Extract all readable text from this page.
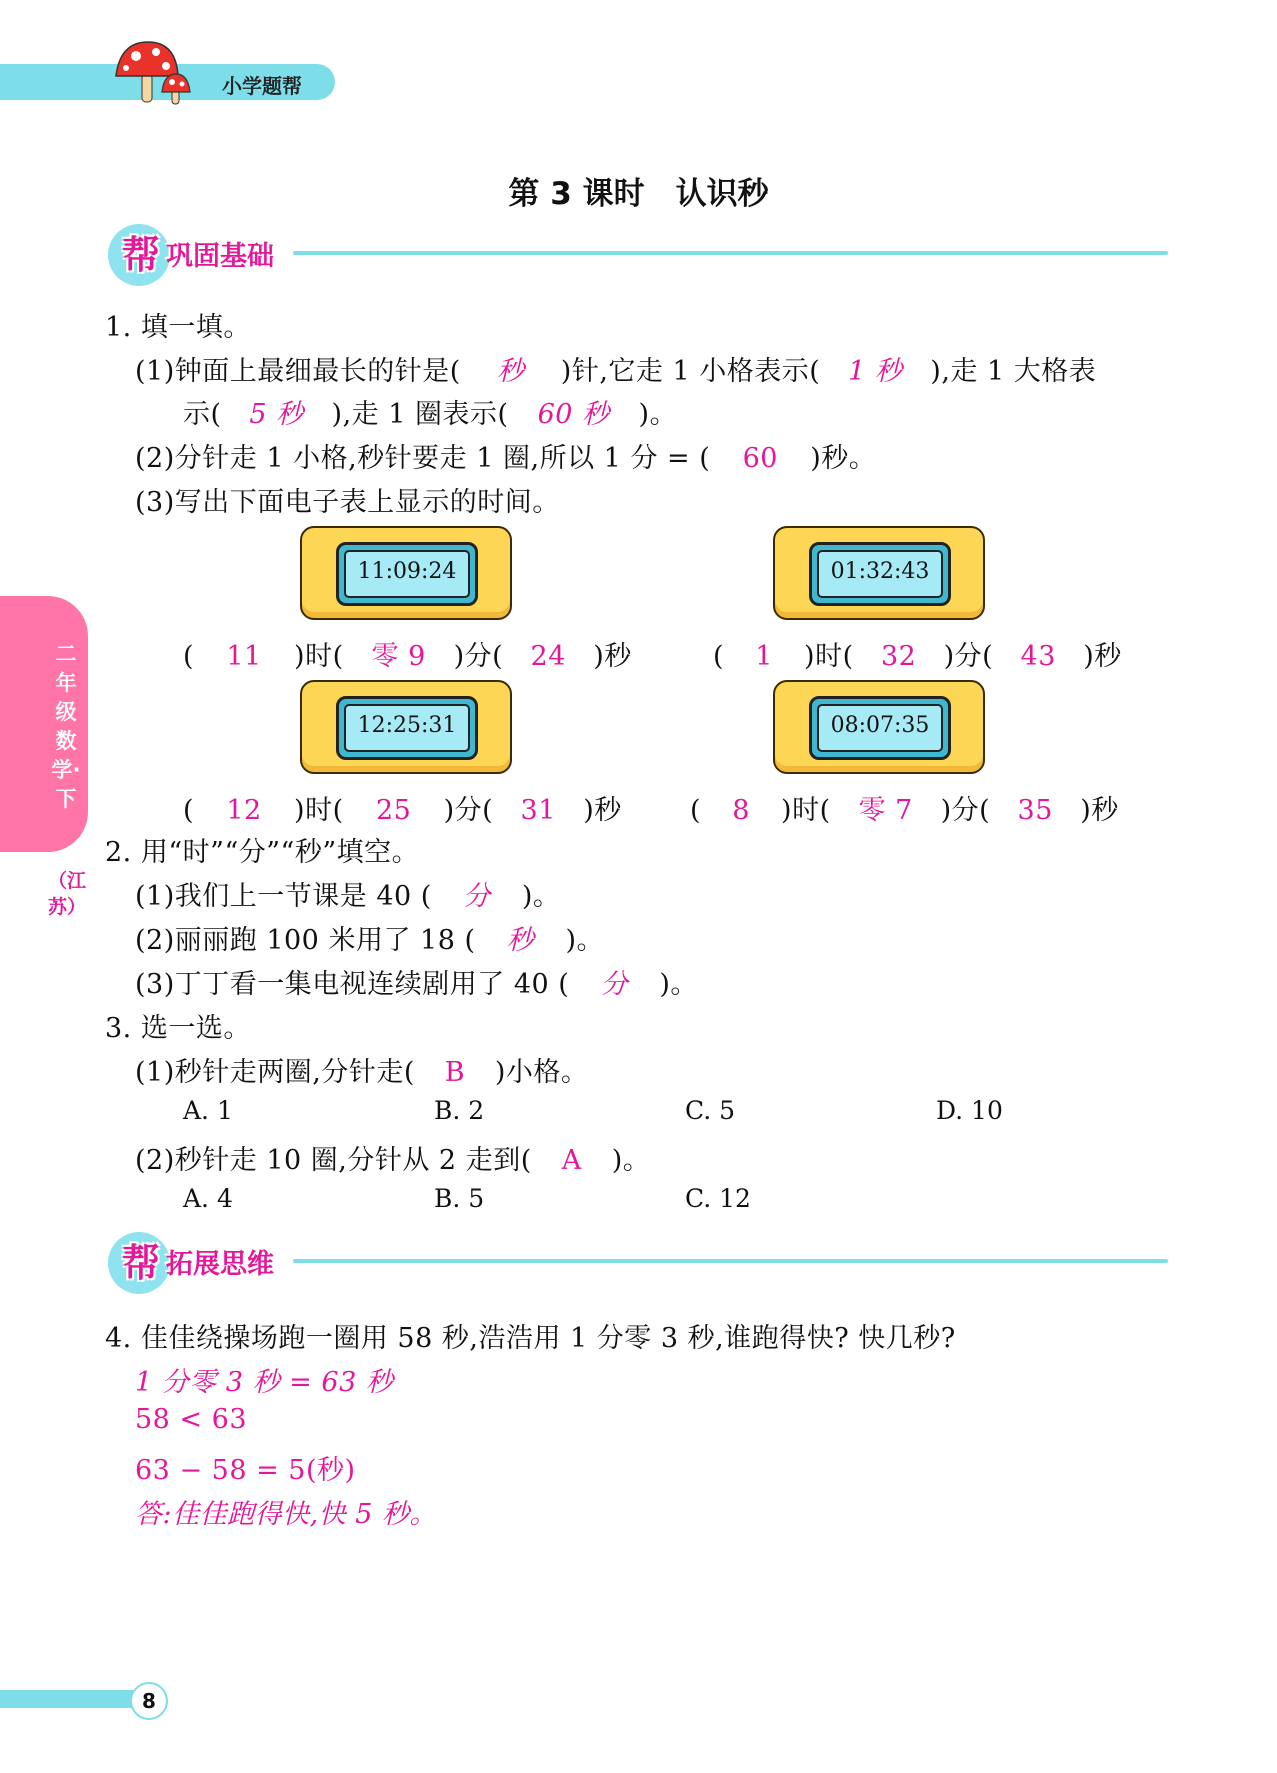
小学题帮
第 3 课时　认识秒
帮 巩固基础
二年级数学·下
（江苏）
1. 填一填。
(1)钟面上最细最长的针是( 秒 )针,它走 1 小格表示( 1 秒 ),走 1 大格表
示( 5 秒 ),走 1 圈表示( 60 秒 )。
(2)分针走 1 小格,秒针要走 1 圈,所以 1 分 = ( 60 )秒。
(3)写出下面电子表上显示的时间。
11:09:24	01:32:43
12:25:31	08:07:35
( 11 )时( 零 9 )分( 24 )秒	( 1 )时( 32 )分( 43 )秒
( 12 )时( 25 )分( 31 )秒	( 8 )时( 零 7 )分( 35 )秒
2. 用“时”“分”“秒”填空。
(1)我们上一节课是 40 ( 分 )。
(2)丽丽跑 100 米用了 18 ( 秒 )。
(3)丁丁看一集电视连续剧用了 40 ( 分 )。
3. 选一选。
(1)秒针走两圈,分针走( B )小格。
A. 1	B. 2	C. 5	D. 10
(2)秒针走 10 圈,分针从 2 走到( A )。
A. 4	B. 5	C. 12
帮 拓展思维
4. 佳佳绕操场跑一圈用 58 秒,浩浩用 1 分零 3 秒,谁跑得快? 快几秒?
1 分零 3 秒 = 63 秒
58 < 63
63 − 58 = 5(秒)
答:佳佳跑得快,快 5 秒。
8
